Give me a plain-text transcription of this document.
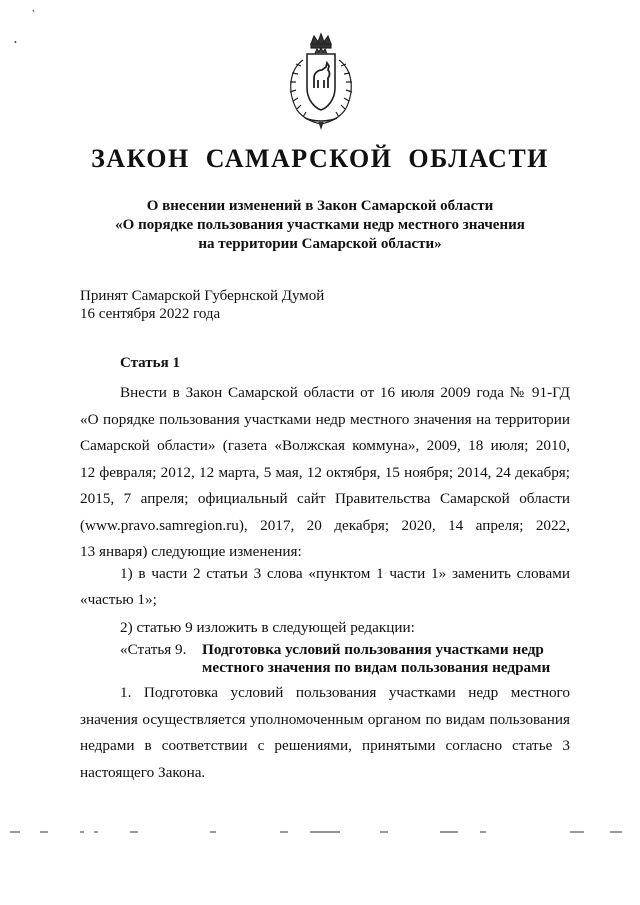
'
•
ЗАКОН САМАРСКОЙ ОБЛАСТИ
О внесении изменений в Закон Самарской области
«О порядке пользования участками недр местного значения
на территории Самарской области»
Принят Самарской Губернской Думой
16 сентября 2022 года
Статья 1
Внести в Закон Самарской области от 16 июля 2009 года № 91-ГД
«О порядке пользования участками недр местного значения на территории
Самарской области» (газета «Волжская коммуна», 2009, 18 июля; 2010,
12 февраля; 2012, 12 марта, 5 мая, 12 октября, 15 ноября; 2014, 24 декабря;
2015, 7 апреля; официальный сайт Правительства Самарской области
(www.pravo.samregion.ru), 2017, 20 декабря; 2020, 14 апреля; 2022,
13 января) следующие изменения:
1) в части 2 статьи 3 слова «пунктом 1 части 1» заменить словами
«частью 1»;
2) статью 9 изложить в следующей редакции:
«Статья 9. Подготовка условий пользования участками недр
местного значения по видам пользования недрами
1. Подготовка условий пользования участками недр местного
значения осуществляется уполномоченным органом по видам пользования
недрами в соответствии с решениями, принятыми согласно статье 3
настоящего Закона.
